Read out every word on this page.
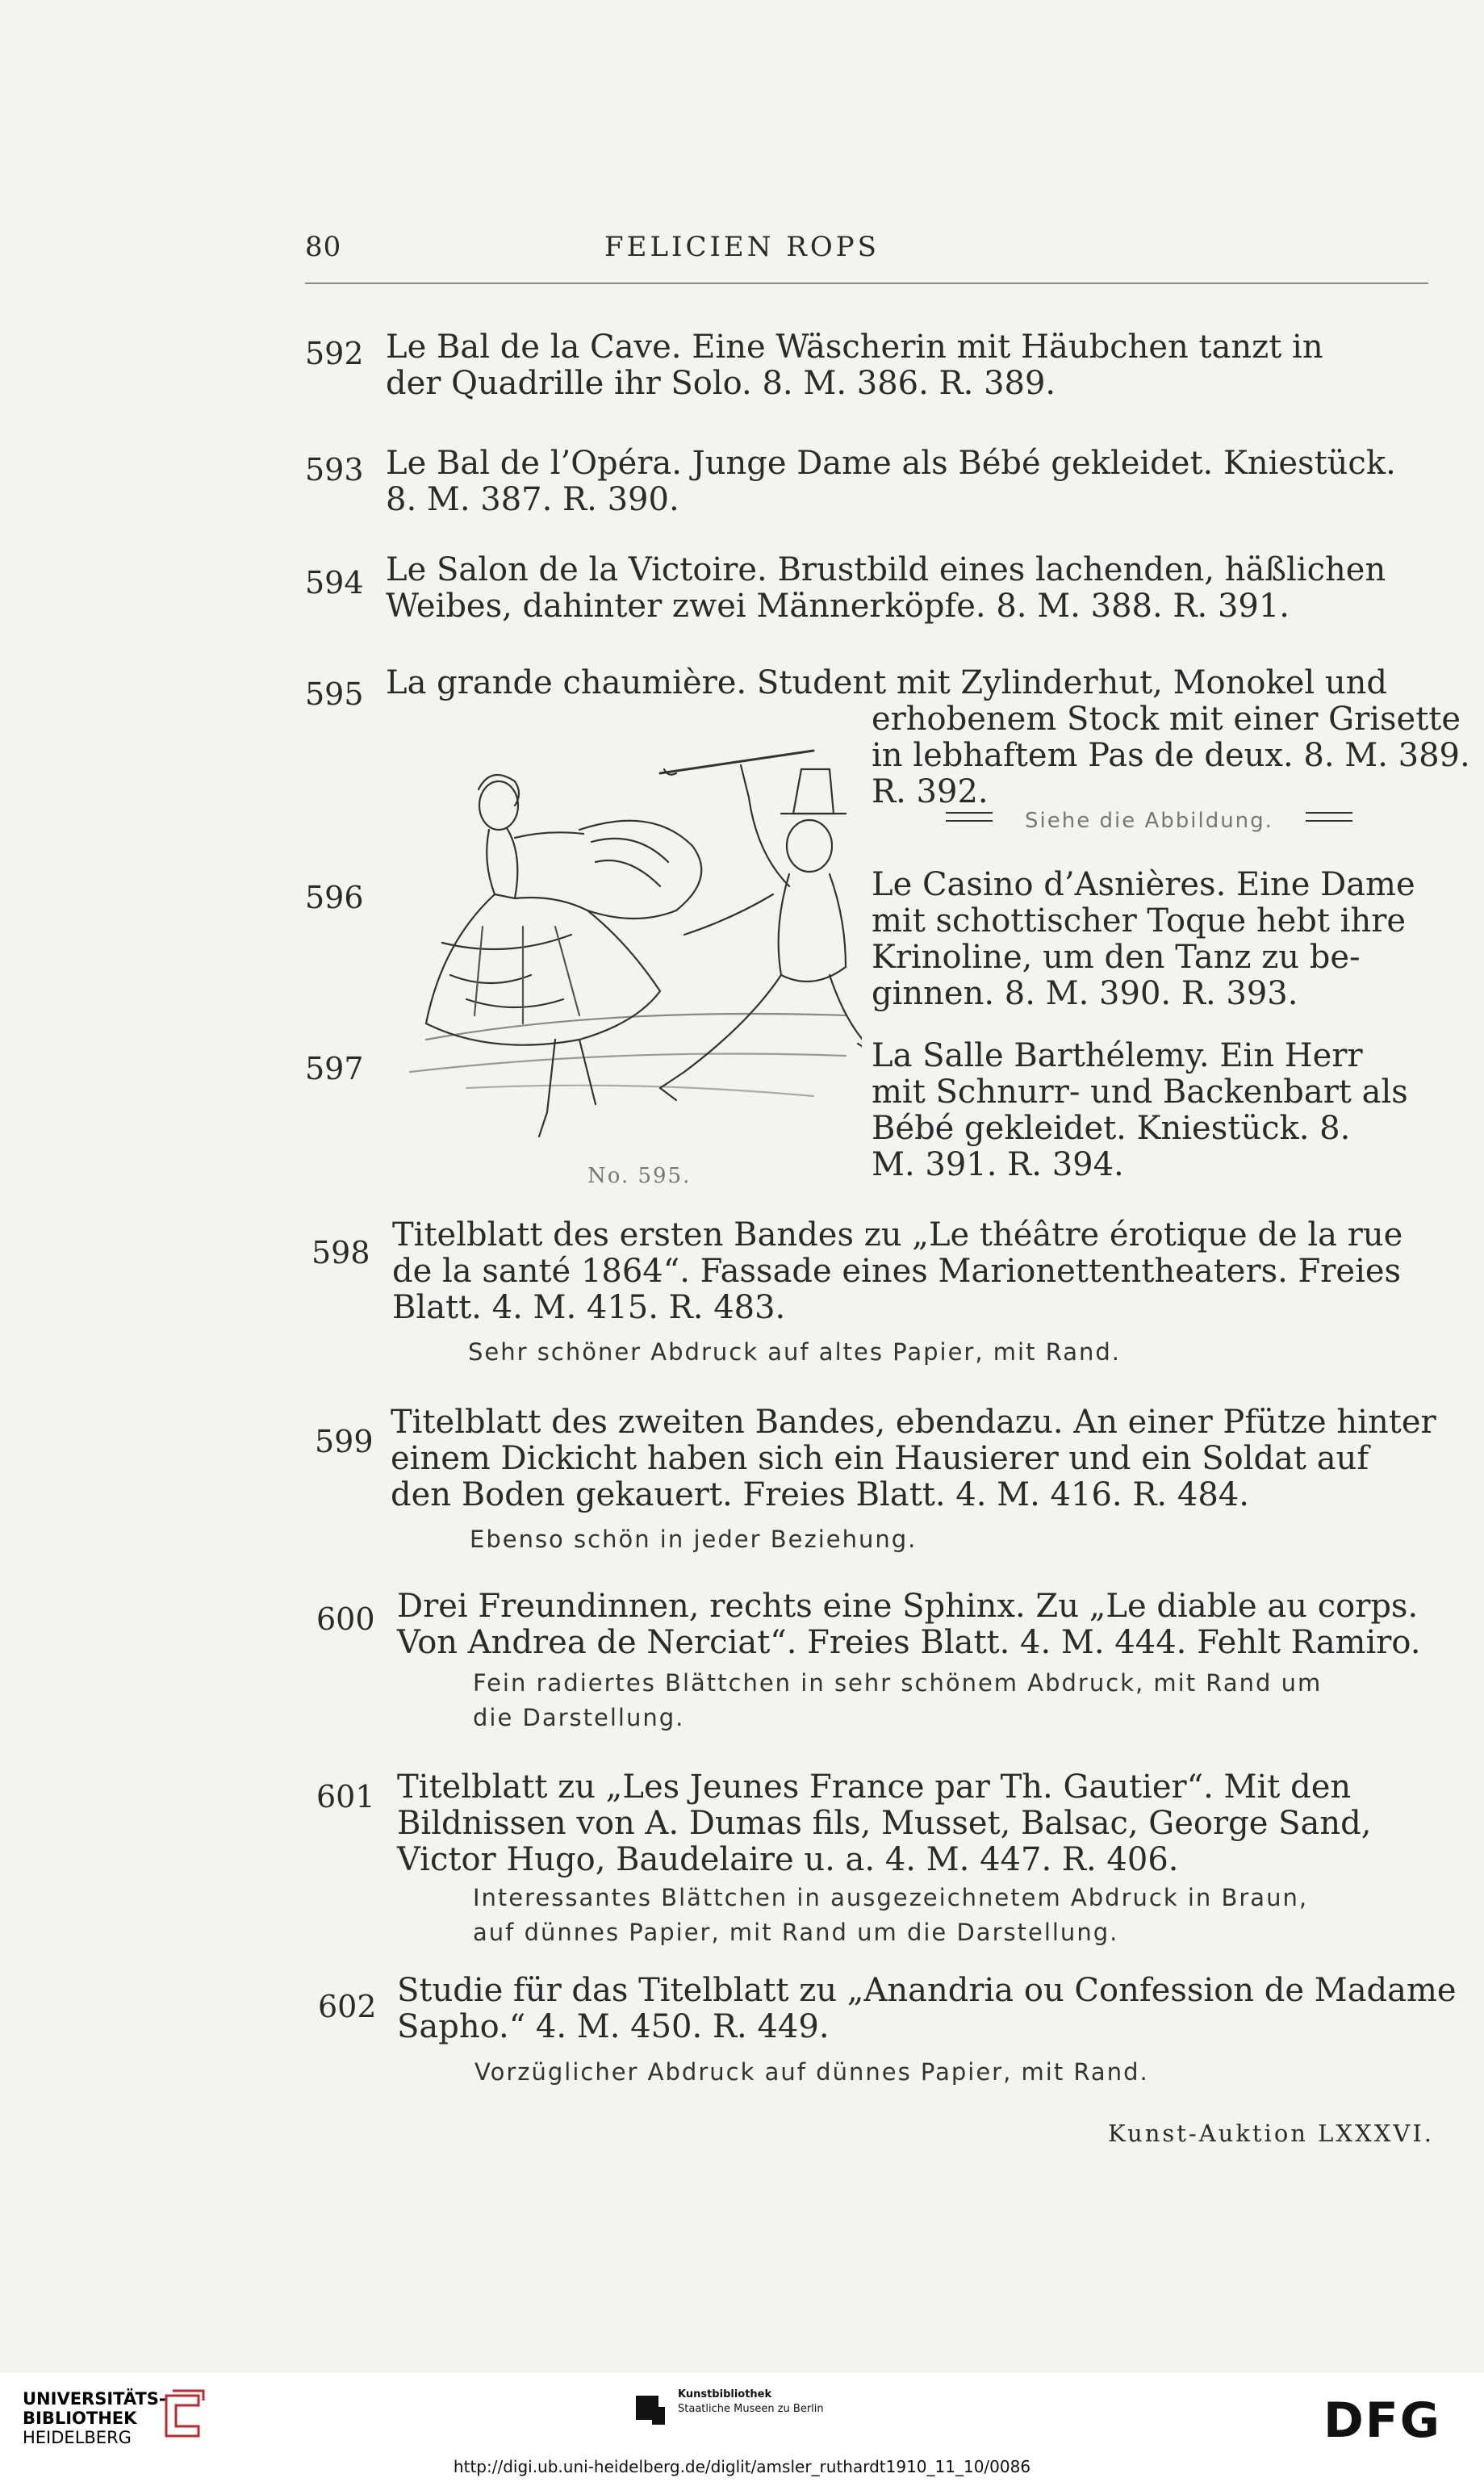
80	FELICIEN ROPS
592 Le Bal de la Cave. Eine Wäscherin mit Häubchen tanzt in
der Quadrille ihr Solo. 8. M. 386. R. 389.
593 Le Bal de l’Opéra. Junge Dame als Bébé gekleidet. Kniestück.
8. M. 387. R. 390.
594 Le Salon de la Victoire. Brustbild eines lachenden, häßlichen
Weibes, dahinter zwei Männerköpfe. 8. M. 388. R. 391.
595 La grande chaumière. Student mit Zylinderhut, Monokel und
erhobenem Stock mit einer Grisette
in lebhaftem Pas de deux. 8. M. 389.
R. 392.
Siehe die Abbildung.
No. 595.
596	Le Casino d’Asnières. Eine Dame
mit schottischer Toque hebt ihre
Krinoline, um den Tanz zu be-
ginnen. 8. M. 390. R. 393.
597	La Salle Barthélemy. Ein Herr
mit Schnurr- und Backenbart als
Bébé gekleidet. Kniestück. 8.
M. 391. R. 394.
598 Titelblatt des ersten Bandes zu „Le théâtre érotique de la rue
de la santé 1864“. Fassade eines Marionettentheaters. Freies
Blatt. 4. M. 415. R. 483.
Sehr schöner Abdruck auf altes Papier, mit Rand.
599
Titelblatt des zweiten Bandes, ebendazu. An einer Pfütze hinter
einem Dickicht haben sich ein Hausierer und ein Soldat auf
den Boden gekauert. Freies Blatt. 4. M. 416. R. 484.
Ebenso schön in jeder Beziehung.
600 Drei Freundinnen, rechts eine Sphinx. Zu „Le diable au corps.
Von Andrea de Nerciat“. Freies Blatt. 4. M. 444. Fehlt Ramiro.
Fein radiertes Blättchen in sehr schönem Abdruck, mit Rand um
die Darstellung.
601 Titelblatt zu „Les Jeunes France par Th. Gautier“. Mit den
Bildnissen von A. Dumas fils, Musset, Balsac, George Sand,
Victor Hugo, Baudelaire u. a. 4. M. 447. R. 406.
Interessantes Blättchen in ausgezeichnetem Abdruck in Braun,
auf dünnes Papier, mit Rand um die Darstellung.
602 Studie für das Titelblatt zu „Anandria ou Confession de Madame
Sapho.“ 4. M. 450. R. 449.
Vorzüglicher Abdruck auf dünnes Papier, mit Rand.
Kunst-Auktion LXXXVI.
UNIVERSITÄTS-
BIBLIOTHEK
HEIDELBERG
Kunstbibliothek
Staatliche Museen zu Berlin	DFG
http://digi.ub.uni-heidelberg.de/diglit/amsler_ruthardt1910_11_10/0086
